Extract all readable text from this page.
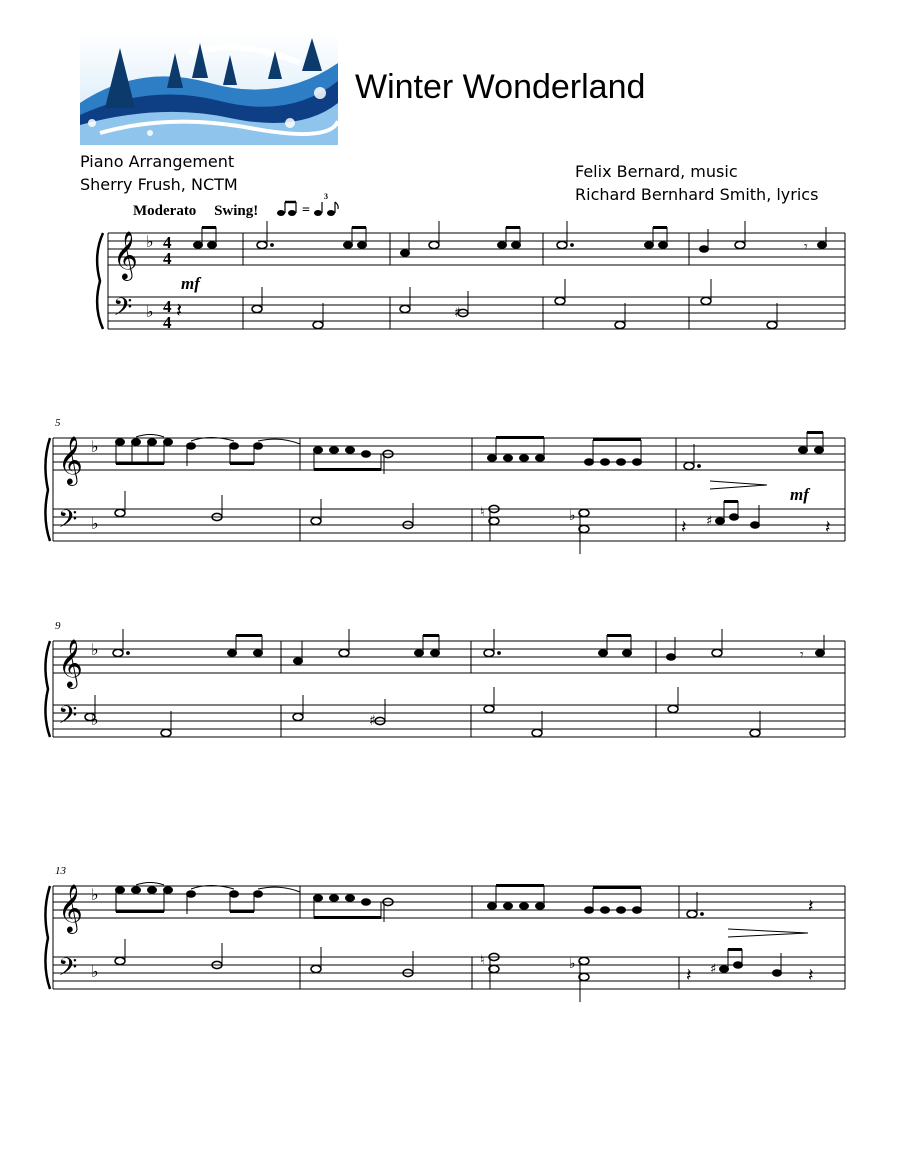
Winter Wonderland
Piano Arrangement
Sherry Frush, NCTM
Felix Bernard, music
Richard Bernhard Smith, lyrics
Moderato Swing!	=
3
𝄞
𝄢
♭
♭
4
4
4
4	♯
𝄽
𝄾
mf
5
𝄞
𝄢
♭
♭
♮	♭	♯
𝄽	𝄽
mf
9
𝄞
𝄢
♭
♭	♯
𝄾
13
𝄞
𝄢
♭
♭
♮	♭	♯
𝄽	𝄽
𝄽
